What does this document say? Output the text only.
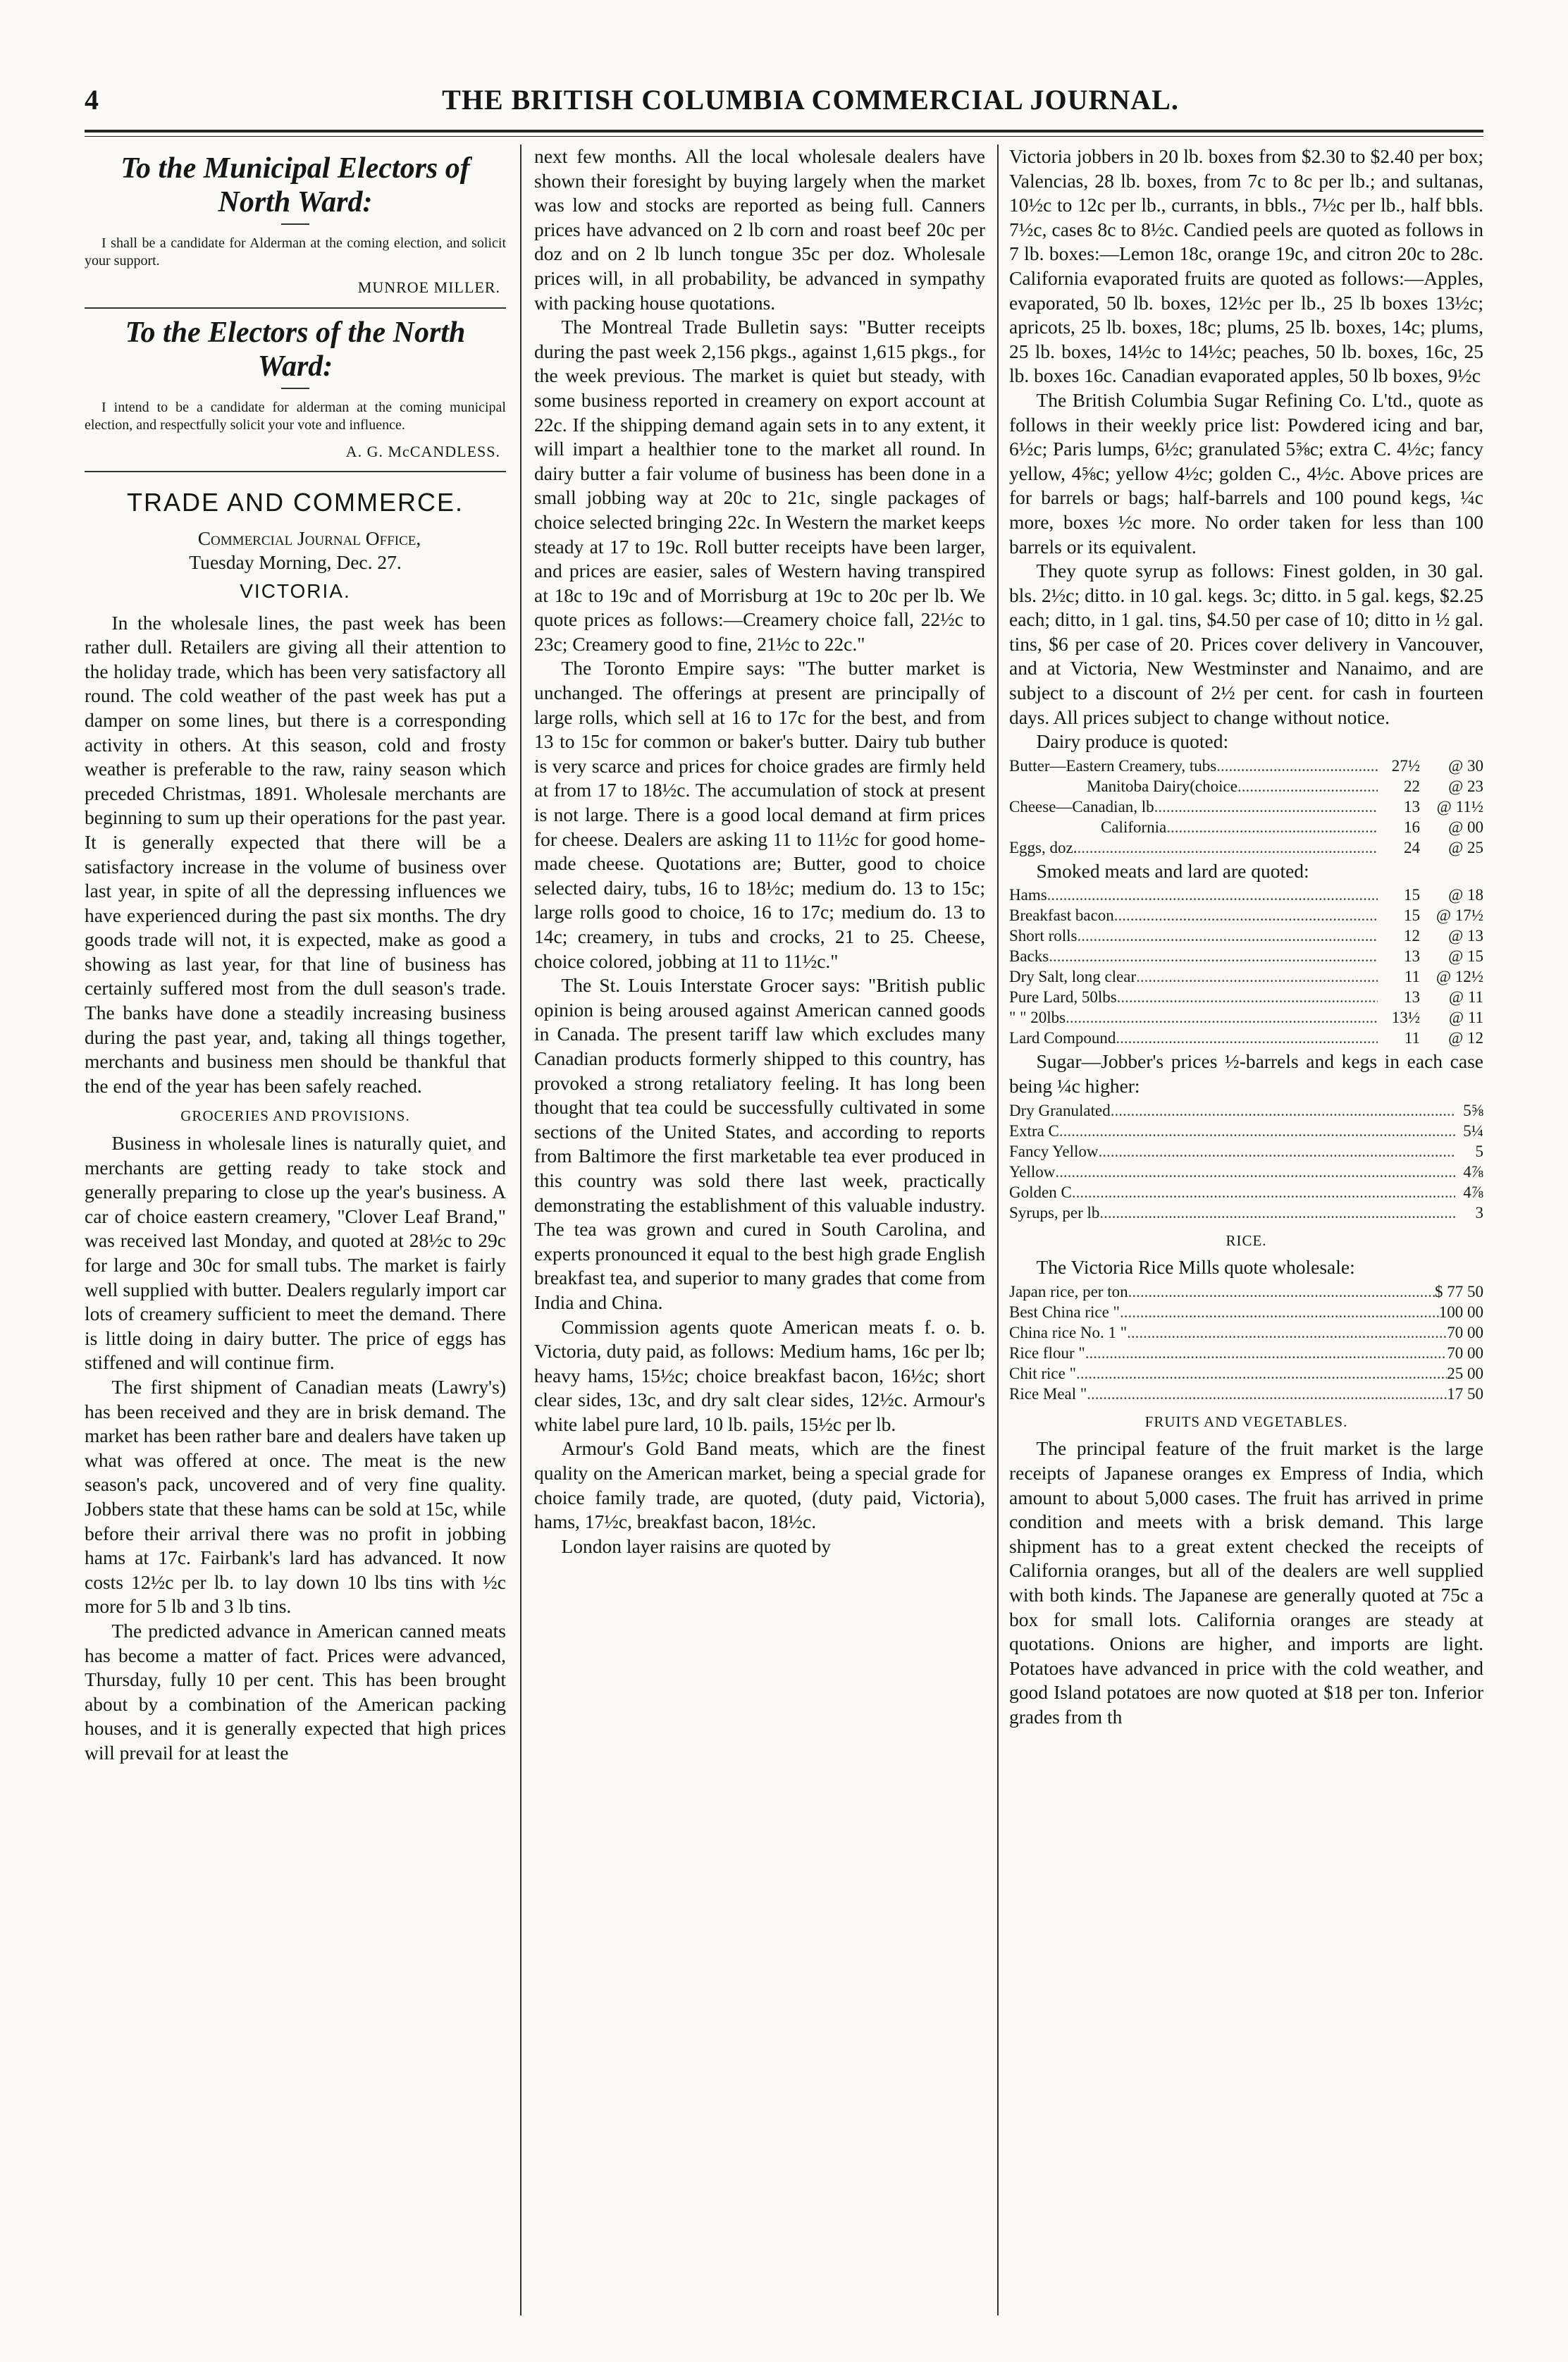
4	THE BRITISH COLUMBIA COMMERCIAL JOURNAL.
To the Municipal Electors of North Ward:

I shall be a candidate for Alderman at the coming election, and solicit your support.

MUNROE MILLER.
To the Electors of the North Ward:

I intend to be a candidate for alderman at the coming municipal election, and respectfully solicit your vote and influence.

A. G. McCANDLESS.
TRADE AND COMMERCE.
Commercial Journal Office,
Tuesday Morning, Dec. 27.
VICTORIA.

In the wholesale lines, the past week has been rather dull. Retailers are giving all their attention to the holiday trade, which has been very satisfactory all round. The cold weather of the past week has put a damper on some lines, but there is a corresponding activity in others. At this season, cold and frosty weather is preferable to the raw, rainy season which preceded Christmas, 1891. Wholesale merchants are beginning to sum up their operations for the past year. It is generally expected that there will be a satisfactory increase in the volume of business over last year, in spite of all the depressing influences we have experienced during the past six months. The dry goods trade will not, it is expected, make as good a showing as last year, for that line of business has certainly suffered most from the dull season's trade. The banks have done a steadily increasing business during the past year, and, taking all things together, merchants and business men should be thankful that the end of the year has been safely reached.

GROCERIES AND PROVISIONS.

Business in wholesale lines is naturally quiet, and merchants are getting ready to take stock and generally preparing to close up the year's business. A car of choice eastern creamery, "Clover Leaf Brand," was received last Monday, and quoted at 28½c to 29c for large and 30c for small tubs. The market is fairly well supplied with butter. Dealers regularly import car lots of creamery sufficient to meet the demand. There is little doing in dairy butter. The price of eggs has stiffened and will continue firm.

The first shipment of Canadian meats (Lawry's) has been received and they are in brisk demand. The market has been rather bare and dealers have taken up what was offered at once. The meat is the new season's pack, uncovered and of very fine quality. Jobbers state that these hams can be sold at 15c, while before their arrival there was no profit in jobbing hams at 17c. Fairbank's lard has advanced. It now costs 12½c per lb. to lay down 10 lbs tins with ½c more for 5 lb and 3 lb tins.

The predicted advance in American canned meats has become a matter of fact. Prices were advanced, Thursday, fully 10 per cent. This has been brought about by a combination of the American packing houses, and it is generally expected that high prices will prevail for at least the

next few months. All the local wholesale dealers have shown their foresight by buying largely when the market was low and stocks are reported as being full. Canners prices have advanced on 2 lb corn and roast beef 20c per doz and on 2 lb lunch tongue 35c per doz. Wholesale prices will, in all probability, be advanced in sympathy with packing house quotations.

The Montreal Trade Bulletin says: "Butter receipts during the past week 2,156 pkgs., against 1,615 pkgs., for the week previous. The market is quiet but steady, with some business reported in creamery on export account at 22c. If the shipping demand again sets in to any extent, it will impart a healthier tone to the market all round. In dairy butter a fair volume of business has been done in a small jobbing way at 20c to 21c, single packages of choice selected bringing 22c. In Western the market keeps steady at 17 to 19c. Roll butter receipts have been larger, and prices are easier, sales of Western having transpired at 18c to 19c and of Morrisburg at 19c to 20c per lb. We quote prices as follows:—Creamery choice fall, 22½c to 23c; Creamery good to fine, 21½c to 22c."

The Toronto Empire says: "The butter market is unchanged. The offerings at present are principally of large rolls, which sell at 16 to 17c for the best, and from 13 to 15c for common or baker's butter. Dairy tub buther is very scarce and prices for choice grades are firmly held at from 17 to 18½c. The accumulation of stock at present is not large. There is a good local demand at firm prices for cheese. Dealers are asking 11 to 11½c for good home-made cheese. Quotations are; Butter, good to choice selected dairy, tubs, 16 to 18½c; medium do. 13 to 15c; large rolls good to choice, 16 to 17c; medium do. 13 to 14c; creamery, in tubs and crocks, 21 to 25. Cheese, choice colored, jobbing at 11 to 11½c."

The St. Louis Interstate Grocer says: "British public opinion is being aroused against American canned goods in Canada. The present tariff law which excludes many Canadian products formerly shipped to this country, has provoked a strong retaliatory feeling. It has long been thought that tea could be successfully cultivated in some sections of the United States, and according to reports from Baltimore the first marketable tea ever produced in this country was sold there last week, practically demonstrating the establishment of this valuable industry. The tea was grown and cured in South Carolina, and experts pronounced it equal to the best high grade English breakfast tea, and superior to many grades that come from India and China.

Commission agents quote American meats f. o. b. Victoria, duty paid, as follows: Medium hams, 16c per lb; heavy hams, 15½c; choice breakfast bacon, 16½c; short clear sides, 13c, and dry salt clear sides, 12½c. Armour's white label pure lard, 10 lb. pails, 15½c per lb.

Armour's Gold Band meats, which are the finest quality on the American market, being a special grade for choice family trade, are quoted, (duty paid, Victoria), hams, 17½c, breakfast bacon, 18½c.

London layer raisins are quoted by

Victoria jobbers in 20 lb. boxes from $2.30 to $2.40 per box; Valencias, 28 lb. boxes, from 7c to 8c per lb.; and sultanas, 10½c to 12c per lb., currants, in bbls., 7½c per lb., half bbls. 7½c, cases 8c to 8½c. Candied peels are quoted as follows in 7 lb. boxes:—Lemon 18c, orange 19c, and citron 20c to 28c. California evaporated fruits are quoted as follows:—Apples, evaporated, 50 lb. boxes, 12½c per lb., 25 lb boxes 13½c; apricots, 25 lb. boxes, 18c; plums, 25 lb. boxes, 14c; plums, 25 lb. boxes, 14½c to 14½c; peaches, 50 lb. boxes, 16c, 25 lb. boxes 16c. Canadian evaporated apples, 50 lb boxes, 9½c

The British Columbia Sugar Refining Co. L'td., quote as follows in their weekly price list: Powdered icing and bar, 6½c; Paris lumps, 6½c; granulated 5⅝c; extra C. 4½c; fancy yellow, 4⅝c; yellow 4½c; golden C., 4½c. Above prices are for barrels or bags; half-barrels and 100 pound kegs, ¼c more, boxes ½c more. No order taken for less than 100 barrels or its equivalent.

They quote syrup as follows: Finest golden, in 30 gal. bls. 2½c; ditto. in 10 gal. kegs. 3c; ditto. in 5 gal. kegs, $2.25 each; ditto, in 1 gal. tins, $4.50 per case of 10; ditto in ½ gal. tins, $6 per case of 20. Prices cover delivery in Vancouver, and at Victoria, New Westminster and Nanaimo, and are subject to a discount of 2½ per cent. for cash in fourteen days. All prices subject to change without notice.

Dairy produce is quoted:

Butter—Eastern Creamery, tubs .....	27½	@ 30
Manitoba Dairy(choice .....	22	@ 23
Cheese—Canadian, lb .....	13	@ 11½
California .....	16	@ 00
Eggs, doz. .....	24	@ 25

Smoked meats and lard are quoted:

Hams .....	15	@ 18
Breakfast bacon .....	15 @ 17½
Short rolls .....	12	@ 13
Backs .....	13	@ 15
Dry Salt, long clear .....	11 @ 12½
Pure Lard, 50lbs .....	13	@ 11
" " 20lbs .....	13½	@ 11
Lard Compound .....	11	@ 12

Sugar—Jobber's prices ½-barrels and kegs in each case being ¼c higher:

Dry Granulated .....	5⅝
Extra C .....	5¼
Fancy Yellow .....	5
Yellow .....	4⅞
Golden C .....	4⅞
Syrups, per lb .....	3
RICE.

The Victoria Rice Mills quote wholesale:

Japan rice, per ton .....	$ 77 50
Best China rice " .....	100 00
China rice No. 1 " .....	70 00
Rice flour " .....	70 00
Chit rice " .....	25 00
Rice Meal " .....	17 50
FRUITS AND VEGETABLES.

The principal feature of the fruit market is the large receipts of Japanese oranges ex Empress of India, which amount to about 5,000 cases. The fruit has arrived in prime condition and meets with a brisk demand. This large shipment has to a great extent checked the receipts of California oranges, but all of the dealers are well supplied with both kinds. The Japanese are generally quoted at 75c a box for small lots. California oranges are steady at quotations. Onions are higher, and imports are light. Potatoes have advanced in price with the cold weather, and good Island potatoes are now quoted at $18 per ton. Inferior grades from th
